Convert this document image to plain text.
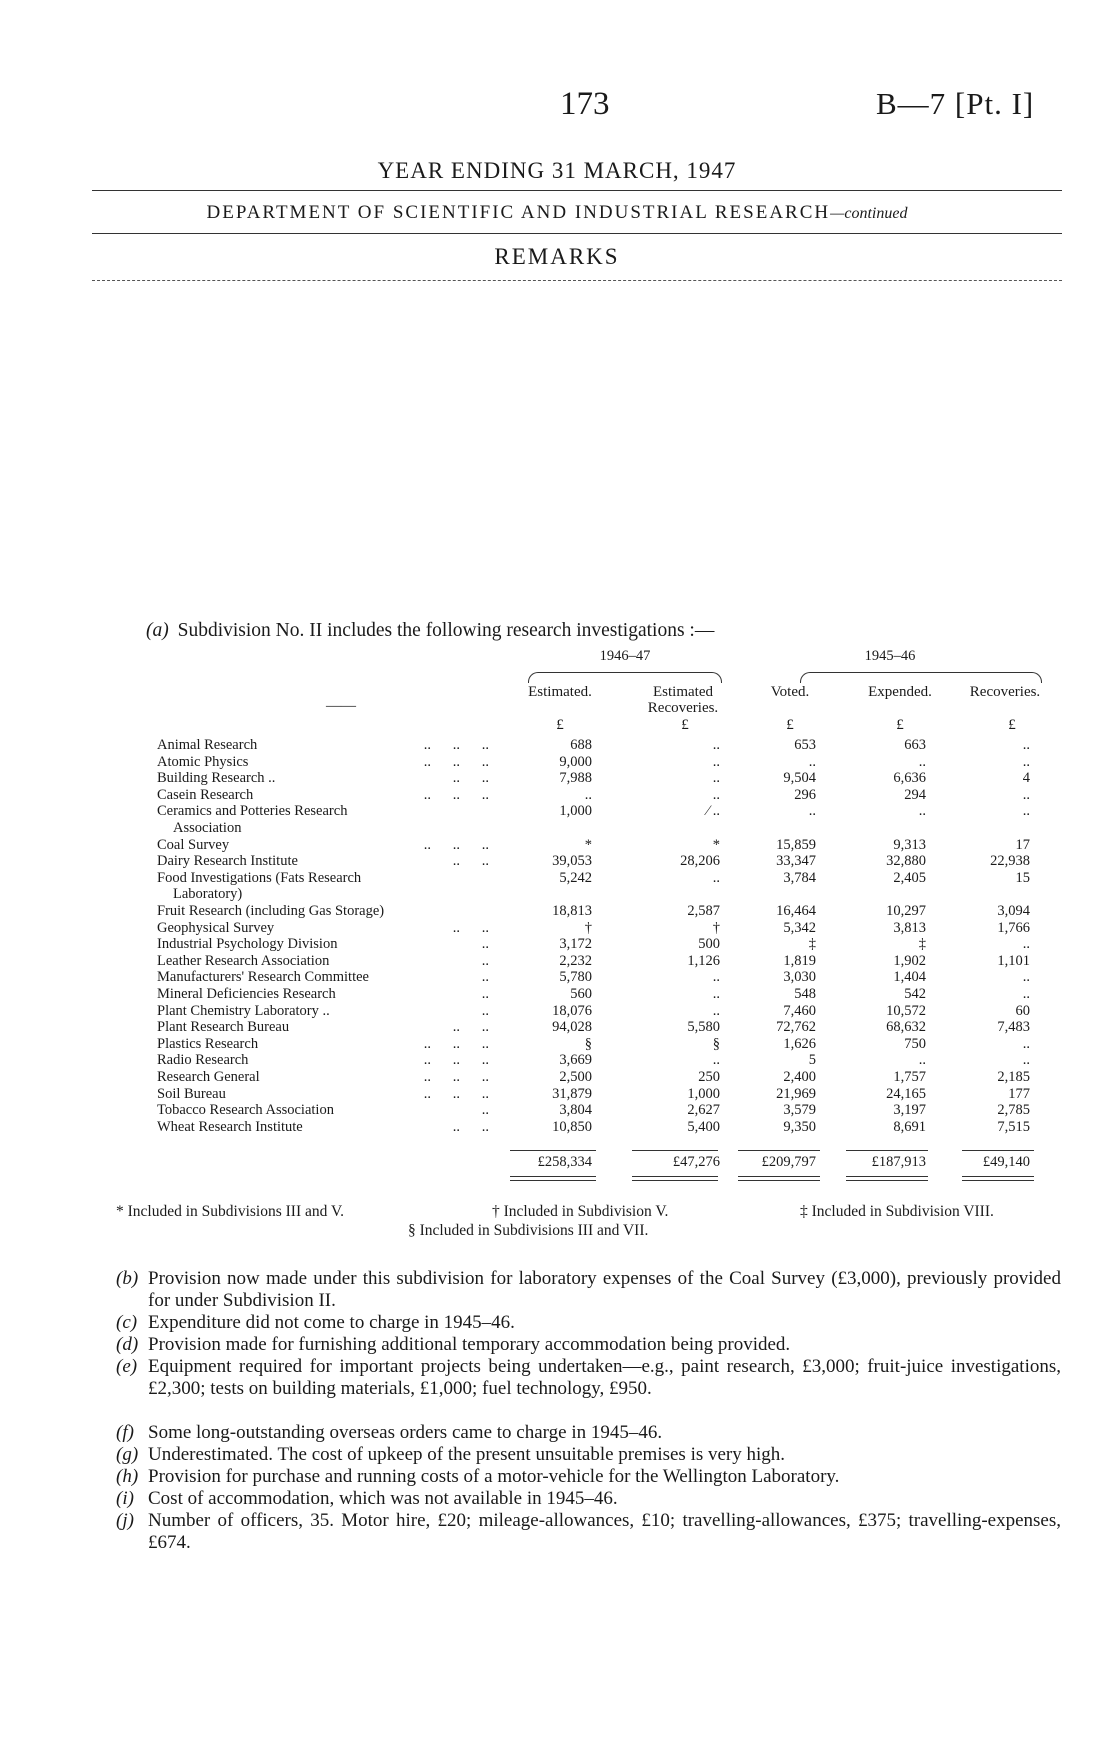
173	B—7 [Pt. I]
YEAR ENDING 31 MARCH, 1947
DEPARTMENT OF SCIENTIFIC AND INDUSTRIAL RESEARCH—continued
REMARKS
(a) Subdivision No. II includes the following research investigations :—
1946–47	1945–46
——
Estimated.	Estimated Recoveries.
Voted.	Expended.	Recoveries.
£	£	£	£	£
Animal Research	..      ..      ..	688	..	653	663	..
Atomic Physics	..      ..      ..	9,000	..	..	..	..
Building Research ..	..      ..	7,988	..	9,504	6,636	4
Casein Research	..      ..      ..	..	..	296	294	..
Ceramics and Potteries Research	1,000	⁄ ..	..	..	..
Association
Coal Survey	..      ..      ..	*	*	15,859	9,313	17
Dairy Research Institute	..      ..	39,053	28,206	33,347	32,880	22,938
Food Investigations (Fats Research	5,242	..	3,784	2,405	15
Laboratory)
Fruit Research (including Gas Storage)	18,813	2,587	16,464	10,297	3,094
Geophysical Survey	..      ..	†	†	5,342	3,813	1,766
Industrial Psychology Division	..	3,172	500	‡	‡	..
Leather Research Association	..	2,232	1,126	1,819	1,902	1,101
Manufacturers' Research Committee	..	5,780	..	3,030	1,404	..
Mineral Deficiencies Research	..	560	..	548	542	..
Plant Chemistry Laboratory ..	..	18,076	..	7,460	10,572	60
Plant Research Bureau	..      ..	94,028	5,580	72,762	68,632	7,483
Plastics Research	..      ..      ..	§	§	1,626	750	..
Radio Research	..      ..      ..	3,669	..	5	..	..
Research General	..      ..      ..	2,500	250	2,400	1,757	2,185
Soil Bureau	..      ..      ..	31,879	1,000	21,969	24,165	177
Tobacco Research Association	..	3,804	2,627	3,579	3,197	2,785
Wheat Research Institute	..      ..	10,850	5,400	9,350	8,691	7,515
£258,334	£47,276	£209,797	£187,913	£49,140
* Included in Subdivisions III and V.	† Included in Subdivision V.	‡ Included in Subdivision VIII.
§ Included in Subdivisions III and VII.
(b) Provision now made under this subdivision for laboratory expenses of the Coal Survey (£3,000), previously provided for under Subdivision II.
(c) Expenditure did not come to charge in 1945–46.
(d) Provision made for furnishing additional temporary accommodation being provided.
(e) Equipment required for important projects being undertaken—e.g., paint research, £3,000; fruit-juice investigations, £2,300; tests on building materials, £1,000; fuel technology, £950.
(f) Some long-outstanding overseas orders came to charge in 1945–46.
(g) Underestimated. The cost of upkeep of the present unsuitable premises is very high.
(h) Provision for purchase and running costs of a motor-vehicle for the Wellington Laboratory.
(i) Cost of accommodation, which was not available in 1945–46.
(j) Number of officers, 35. Motor hire, £20; mileage-allowances, £10; travelling-allowances, £375; travelling-expenses, £674.
